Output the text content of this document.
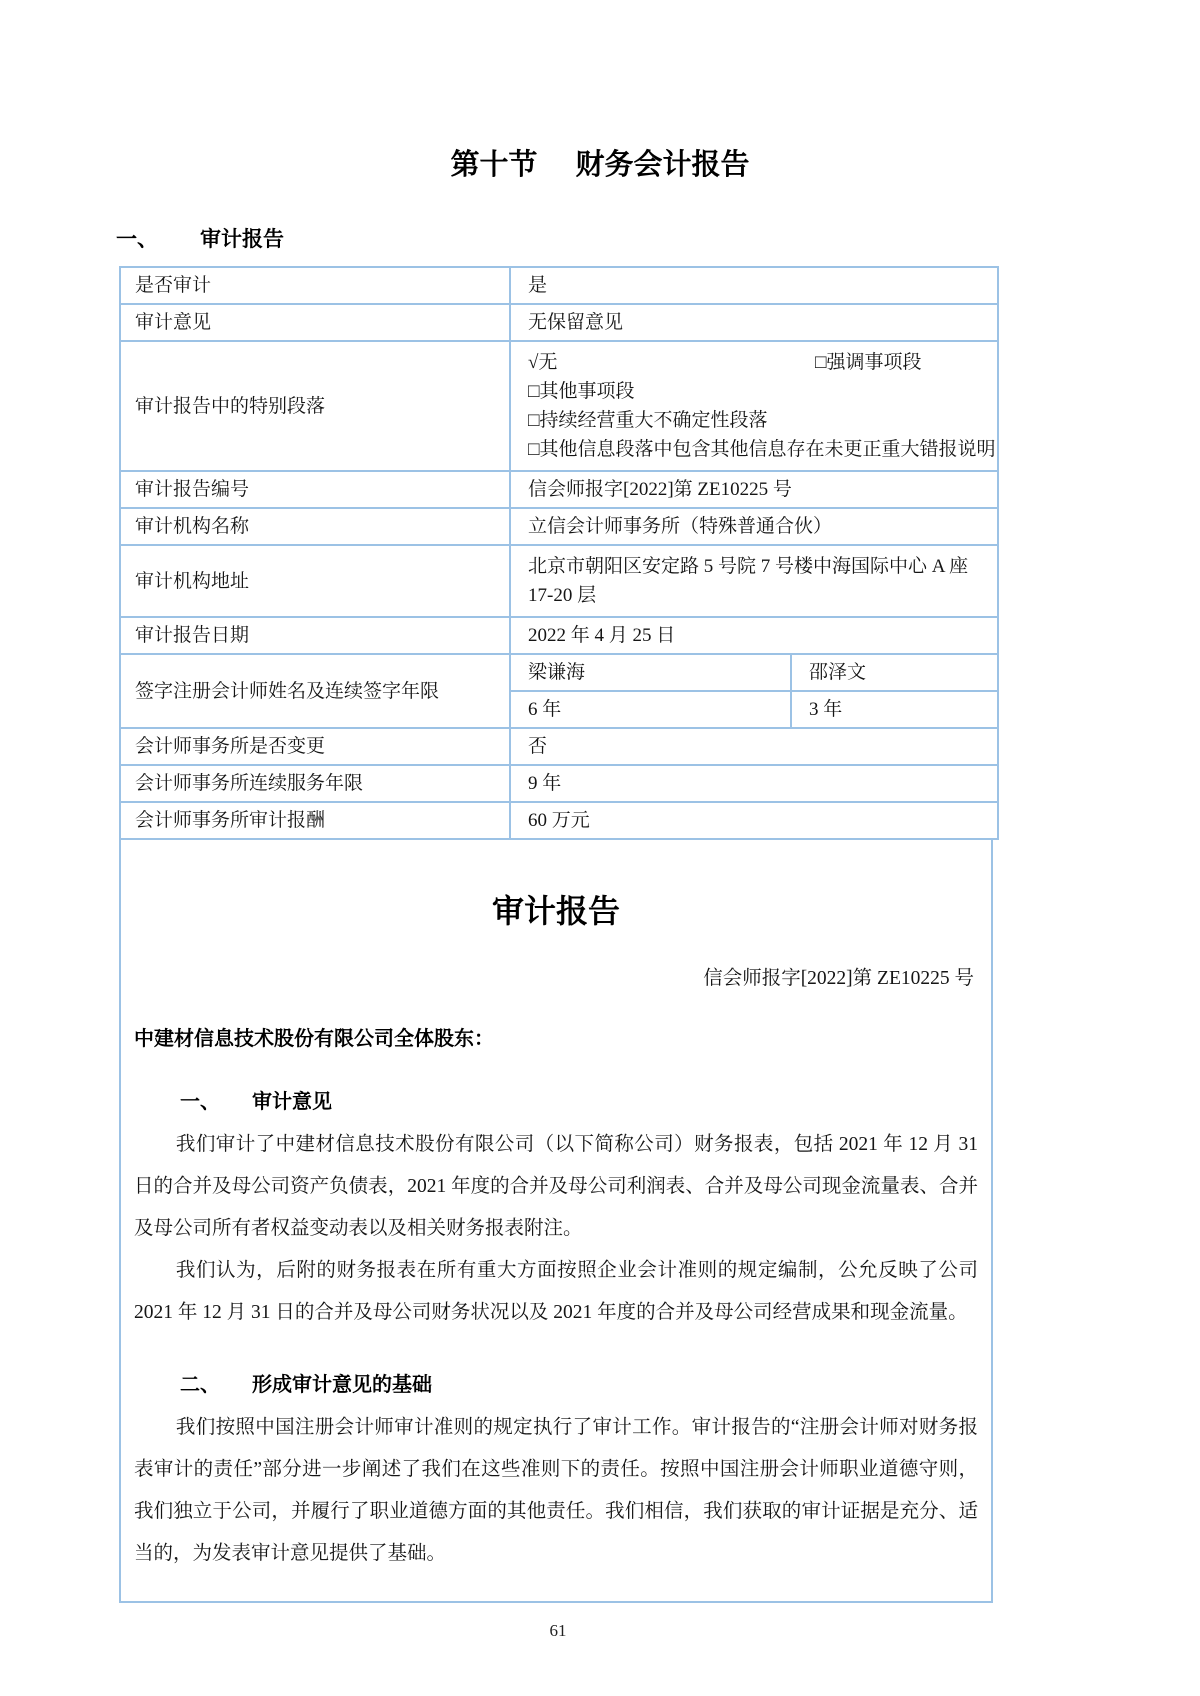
第十节 财务会计报告
一、 审计报告
是否审计	是	
审计意见	无保留意见	
审计报告中的特别段落	√无 □强调事项段
□其他事项段
□持续经营重大不确定性段落
□其他信息段落中包含其他信息存在未更正重大错报说明	

审计报告编号	信会师报字[2022]第 ZE10225 号	
审计机构名称	立信会计师事务所（特殊普通合伙）	
审计机构地址	北京市朝阳区安定路 5 号院 7 号楼中海国际中心 A 座 17-20 层	
审计报告日期	2022 年 4 月 25 日	
签字注册会计师姓名及连续签字年限	梁谦海	邵泽文
	6 年	3 年
会计师事务所是否变更	否	
会计师事务所连续服务年限	9 年	
会计师事务所审计报酬	60 万元	
审计报告
信会师报字[2022]第 ZE10225 号
中建材信息技术股份有限公司全体股东：
一、 审计意见

我们审计了中建材信息技术股份有限公司（以下简称公司）财务报表，包括 2021 年 12 月 31 日的合并及母公司资产负债表，2021 年度的合并及母公司利润表、合并及母公司现金流量表、合并及母公司所有者权益变动表以及相关财务报表附注。

我们认为，后附的财务报表在所有重大方面按照企业会计准则的规定编制，公允反映了公司 2021 年 12 月 31 日的合并及母公司财务状况以及 2021 年度的合并及母公司经营成果和现金流量。

二、 形成审计意见的基础

我们按照中国注册会计师审计准则的规定执行了审计工作。审计报告的“注册会计师对财务报表审计的责任”部分进一步阐述了我们在这些准则下的责任。按照中国注册会计师职业道德守则，我们独立于公司，并履行了职业道德方面的其他责任。我们相信，我们获取的审计证据是充分、适当的，为发表审计意见提供了基础。

61
